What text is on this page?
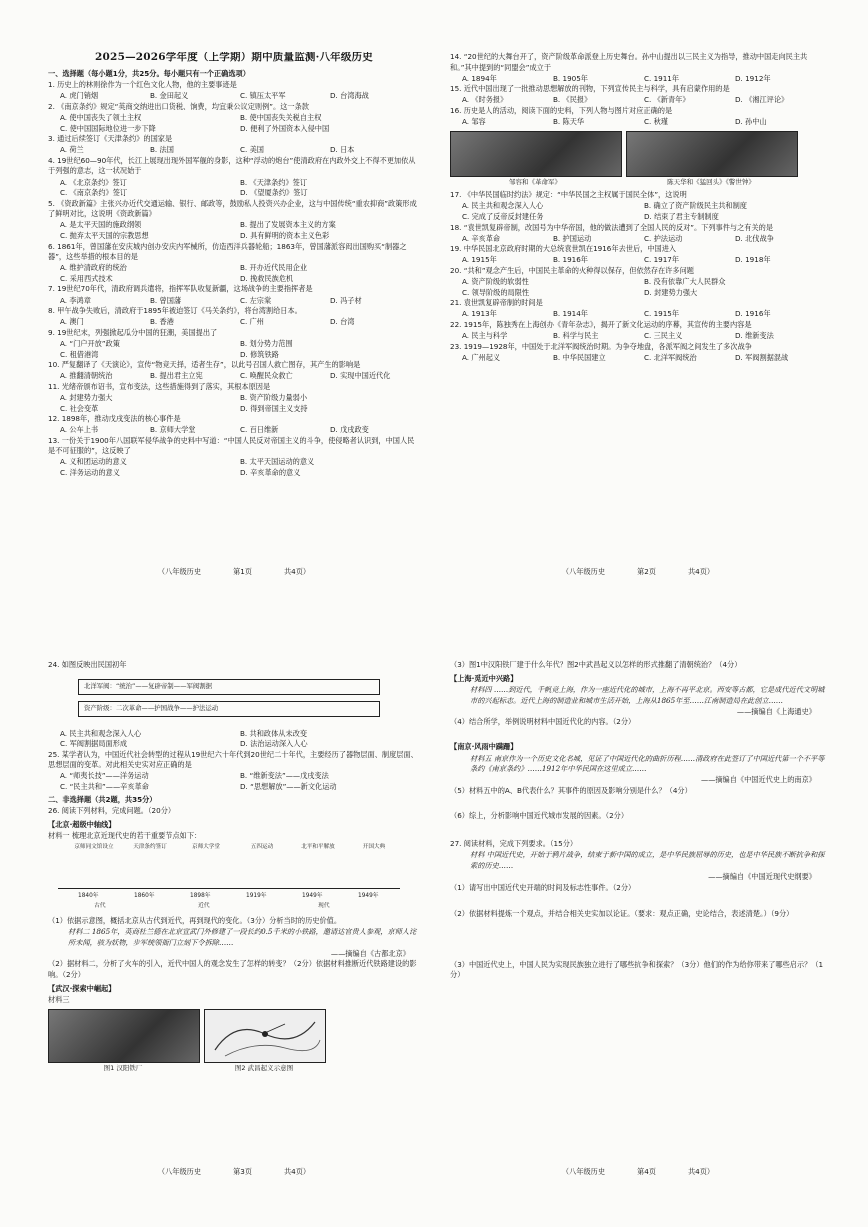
2025—2026学年度（上学期）期中质量监测·八年级历史
一、选择题（每小题1分，共25分。每小题只有一个正确选项）
1. 历史上的林则徐作为一个红色文化人物，他的主要事迹是
A. 虎门销烟	B. 金田起义	C. 镇压太平军	D. 台湾海战
2. 《南京条约》规定“英商交纳进出口货税、饷费，均宜秉公议定则例”。这一条款
A. 使中国丧失了领土主权	B. 使中国丧失关税自主权
C. 使中国国际地位进一步下降	D. 便利了外国资本入侵中国
3. 通过后续签订《天津条约》的国家是
A. 荷兰	B. 法国	C. 美国	D. 日本
4. 19世纪60—90年代，长江上展现出现外国军舰的身影，这种“浮动的炮台”使清政府在内政外交上不得不更加依从于列强的意志，这一状况始于
A. 《北京条约》签订	B. 《天津条约》签订
C. 《南京条约》签订	D. 《望厦条约》签订
5. 《资政新篇》主张兴办近代交通运输、银行、邮政等，鼓励私人投资兴办企业，这与中国传统“重农抑商”政策形成了鲜明对比，这说明《资政新篇》
A. 是太平天国的施政纲领	B. 提出了发展资本主义的方案
C. 抛弃太平天国的宗教思想	D. 具有鲜明的资本主义色彩
6. 1861年，曾国藩在安庆城内创办安庆内军械所，仿造西洋兵器轮船；1863年，曾国藩派容闳出国购买“制器之器”，这些举措的根本目的是
A. 维护清政府的统治	B. 开办近代民用企业
C. 采用西式技术	D. 挽救民族危机
7. 19世纪70年代，清政府调兵遣将，指挥军队收复新疆，这场战争的主要指挥者是
A. 李鸿章	B. 曾国藩	C. 左宗棠	D. 冯子材
8. 甲午战争失败后，清政府于1895年被迫签订《马关条约》，将台湾割给日本。
A. 澳门	B. 香港	C. 广州	D. 台湾
9. 19世纪末，列强掀起瓜分中国的狂潮，美国提出了
A. “门户开放”政策	B. 划分势力范围
C. 租借港湾	D. 修筑铁路
10. 严复翻译了《天演论》，宣传“物竞天择，适者生存”，以此号召国人救亡图存，其产生的影响是
A. 推翻清朝统治	B. 提出君主立宪	C. 唤醒民众救亡	D. 实现中国近代化
11. 光绪帝颁布诏书，宣布变法，这些措施得到了落实，其根本原因是
A. 封建势力强大	B. 资产阶级力量弱小
C. 社会变革	D. 得到帝国主义支持
12. 1898年，推动戊戌变法的核心事件是
A. 公车上书	B. 京师大学堂	C. 百日维新	D. 戊戌政变
13. 一份关于1900年八国联军侵华战争的史料中写道：“中国人民反对帝国主义的斗争，使侵略者认识到，中国人民是不可征服的”，这反映了
A. 义和团运动的意义	B. 太平天国运动的意义
C. 洋务运动的意义	D. 辛亥革命的意义
（八年级历史	第1页	共4页）
14. “20世纪的大舞台开了，资产阶级革命派登上历史舞台。孙中山提出以三民主义为指导，推动中国走向民主共和。”其中提到的“同盟会”成立于
A. 1894年	B. 1905年	C. 1911年	D. 1912年
15. 近代中国出现了一批推动思想解放的刊物，下列宣传民主与科学，具有启蒙作用的是
A. 《时务报》	B. 《民报》	C. 《新青年》	D. 《湘江评论》
16. 历史是人的活动，阅读下面的史料，下列人物与图片对应正确的是
A. 邹容	B. 陈天华	C. 秋瑾	D. 孙中山
邹容和《革命军》	陈天华和《猛回头》《警世钟》
17. 《中华民国临时约法》规定：“中华民国之主权属于国民全体”，这说明
A. 民主共和观念深入人心	B. 确立了资产阶级民主共和制度
C. 完成了反帝反封建任务	D. 结束了君主专制制度
18. “袁世凯复辟帝制，改国号为中华帝国，他的做法遭到了全国人民的反对”。下列事件与之有关的是
A. 辛亥革命	B. 护国运动	C. 护法运动	D. 北伐战争
19. 中华民国北京政府时期的大总统袁世凯在1916年去世后，中国进入
A. 1915年	B. 1916年	C. 1917年	D. 1918年
20. “共和”观念产生后，中国民主革命的火种得以保存，但依然存在许多问题
A. 资产阶级的软弱性	B. 没有依靠广大人民群众
C. 领导阶级的局限性	D. 封建势力强大
21. 袁世凯复辟帝制的时间是
A. 1913年	B. 1914年	C. 1915年	D. 1916年
22. 1915年，陈独秀在上海创办《青年杂志》，揭开了新文化运动的序幕，其宣传的主要内容是
A. 民主与科学	B. 科学与民主	C. 三民主义	D. 维新变法
23. 1919—1928年，中国处于北洋军阀统治时期。为争夺地盘，各派军阀之间发生了多次战争
A. 广州起义	B. 中华民国建立	C. 北洋军阀统治	D. 军阀割据混战
（八年级历史	第2页	共4页）
24. 如图反映出民国初年
北洋军阀：“统治”——复辟帝制——军阀割据
资产阶级：二次革命——护国战争——护法运动
A. 民主共和观念深入人心	B. 共和政体从未改变
C. 军阀割据局面形成	D. 法治运动深入人心
25. 某学者认为，中国近代社会转型的过程从19世纪六十年代到20世纪二十年代，主要经历了器物层面、制度层面、思想层面的变革。对此相关史实对应正确的是
A. “师夷长技”——洋务运动	B. “维新变法”——戊戌变法
C. “民主共和”——辛亥革命	D. “思想解放”——新文化运动
二、非选择题（共2题，共35分）
26. 阅读下列材料，完成问题。（20分）
【北京·超级中轴线】
材料一 梳理北京近现代史的若干重要节点如下：
京师同文馆设立	天津条约签订	京师大学堂	五四运动	北平和平解放	开国大典
1840年	1860年	1898年	1919年	1949年	1949年
古代	近代	现代
（1）依据示意图，概括北京从古代到近代，再到现代的变化。（3分）分析当时的历史价值。
材料二 1865年，英商杜兰德在北京宣武门外修建了一段长约0.5千米的小铁路，邀请达官贵人参观，京师人诧所未闻，骇为妖物，步军统领衙门立刻下令拆除……
——摘编自《古都北京》
（2）据材料二，分析了火车的引入，近代中国人的观念发生了怎样的转变？（2分）依据材料推断近代铁路建设的影响。（2分）
【武汉·探索中崛起】
材料三
图1 汉阳铁厂	图2 武昌起义示意图
（八年级历史	第3页	共4页）
（3）图1中汉阳铁厂建于什么年代？图2中武昌起义以怎样的形式推翻了清朝统治？（4分）
【上海·觅近中兴路】
材料四 ……到近代，千帆竞上海，作为一座近代化的城市，上海不再平北京。西安等古都，它是成代近代文明城市的兴起标志。近代上海的制造业和城市生活开始，上海从1865年至……江南制造局在此创立……
——摘编自《上海通史》
（4）结合所学，举例说明材料中国近代化的内容。（2分）
【南京·风雨中蹒跚】
材料五 南京作为一个历史文化名城，见证了中国近代化的曲折历程……清政府在此签订了中国近代第一个不平等条约《南京条约》……1912年中华民国在这里成立……
——摘编自《中国近代史上的南京》
（5）材料五中的A、B代表什么？其事件的原因及影响分别是什么？（4分）
（6）综上，分析影响中国近代城市发展的因素。（2分）
27. 阅读材料，完成下列要求。（15分）
材料 中国近代史，开始于鸦片战争，结束于新中国的成立，是中华民族屈辱的历史，也是中华民族不断抗争和探索的历史……
——摘编自《中国近现代史纲要》
（1）请写出中国近代史开端的时间及标志性事件。（2分）
（2）依据材料提炼一个观点，并结合相关史实加以论证。（要求：观点正确，史论结合，表述清楚。）（9分）
（3）中国近代史上，中国人民为实现民族独立进行了哪些抗争和探索？（3分）他们的作为给你带来了哪些启示？（1分）
（八年级历史	第4页	共4页）
